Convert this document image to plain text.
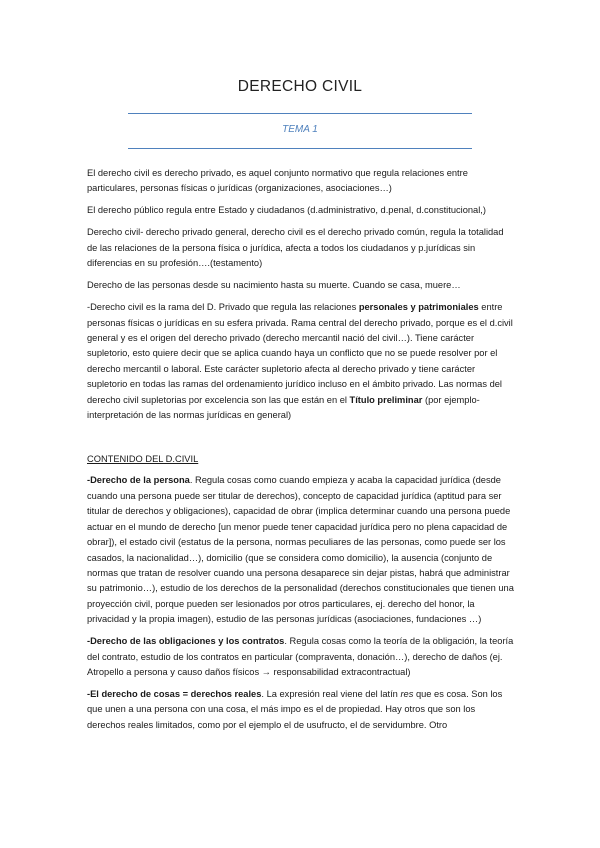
DERECHO CIVIL
TEMA 1

El derecho civil es derecho privado, es aquel conjunto normativo que regula relaciones entre particulares, personas físicas o jurídicas (organizaciones, asociaciones…)

El derecho público regula entre Estado y ciudadanos (d.administrativo, d.penal, d.constitucional,)

Derecho civil- derecho privado general, derecho civil es el derecho privado común, regula la totalidad de las relaciones de la persona física o jurídica, afecta a todos los ciudadanos y p.jurídicas sin diferencias en su profesión….(testamento)

Derecho de las personas desde su nacimiento hasta su muerte. Cuando se casa, muere…

-Derecho civil es la rama del D. Privado que regula las relaciones personales y patrimoniales entre personas físicas o jurídicas en su esfera privada. Rama central del derecho privado, porque es el d.civil general y es el origen del derecho privado (derecho mercantil nació del civil…). Tiene carácter supletorio, esto quiere decir que se aplica cuando haya un conflicto que no se puede resolver por el derecho mercantil o laboral. Este carácter supletorio afecta al derecho privado y tiene carácter supletorio en todas las ramas del ordenamiento jurídico incluso en el ámbito privado. Las normas del derecho civil supletorias por excelencia son las que están en el Título preliminar (por ejemplo-interpretación de las normas jurídicas en general)

CONTENIDO DEL D.CIVIL

-Derecho de la persona. Regula cosas como cuando empieza y acaba la capacidad jurídica (desde cuando una persona puede ser titular de derechos), concepto de capacidad jurídica (aptitud para ser titular de derechos y obligaciones), capacidad de obrar (implica determinar cuando una persona puede actuar en el mundo de derecho [un menor puede tener capacidad jurídica pero no plena capacidad de obrar]), el estado civil (estatus de la persona, normas peculiares de las personas, como puede ser los casados, la nacionalidad…), domicilio (que se considera como domicilio), la ausencia (conjunto de normas que tratan de resolver cuando una persona desaparece sin dejar pistas, habrá que administrar su patrimonio…), estudio de los derechos de la personalidad (derechos constitucionales que tienen una proyección civil, porque pueden ser lesionados por otros particulares, ej. derecho del honor, la privacidad y la propia imagen), estudio de las personas jurídicas (asociaciones, fundaciones …)

-Derecho de las obligaciones y los contratos. Regula cosas como la teoría de la obligación, la teoría del contrato, estudio de los contratos en particular (compraventa, donación…), derecho de daños (ej. Atropello a persona y causo daños físicos → responsabilidad extracontractual)

-El derecho de cosas = derechos reales. La expresión real viene del latín res que es cosa. Son los que unen a una persona con una cosa, el más impo es el de propiedad. Hay otros que son los derechos reales limitados, como por el ejemplo el de usufructo, el de servidumbre. Otro
